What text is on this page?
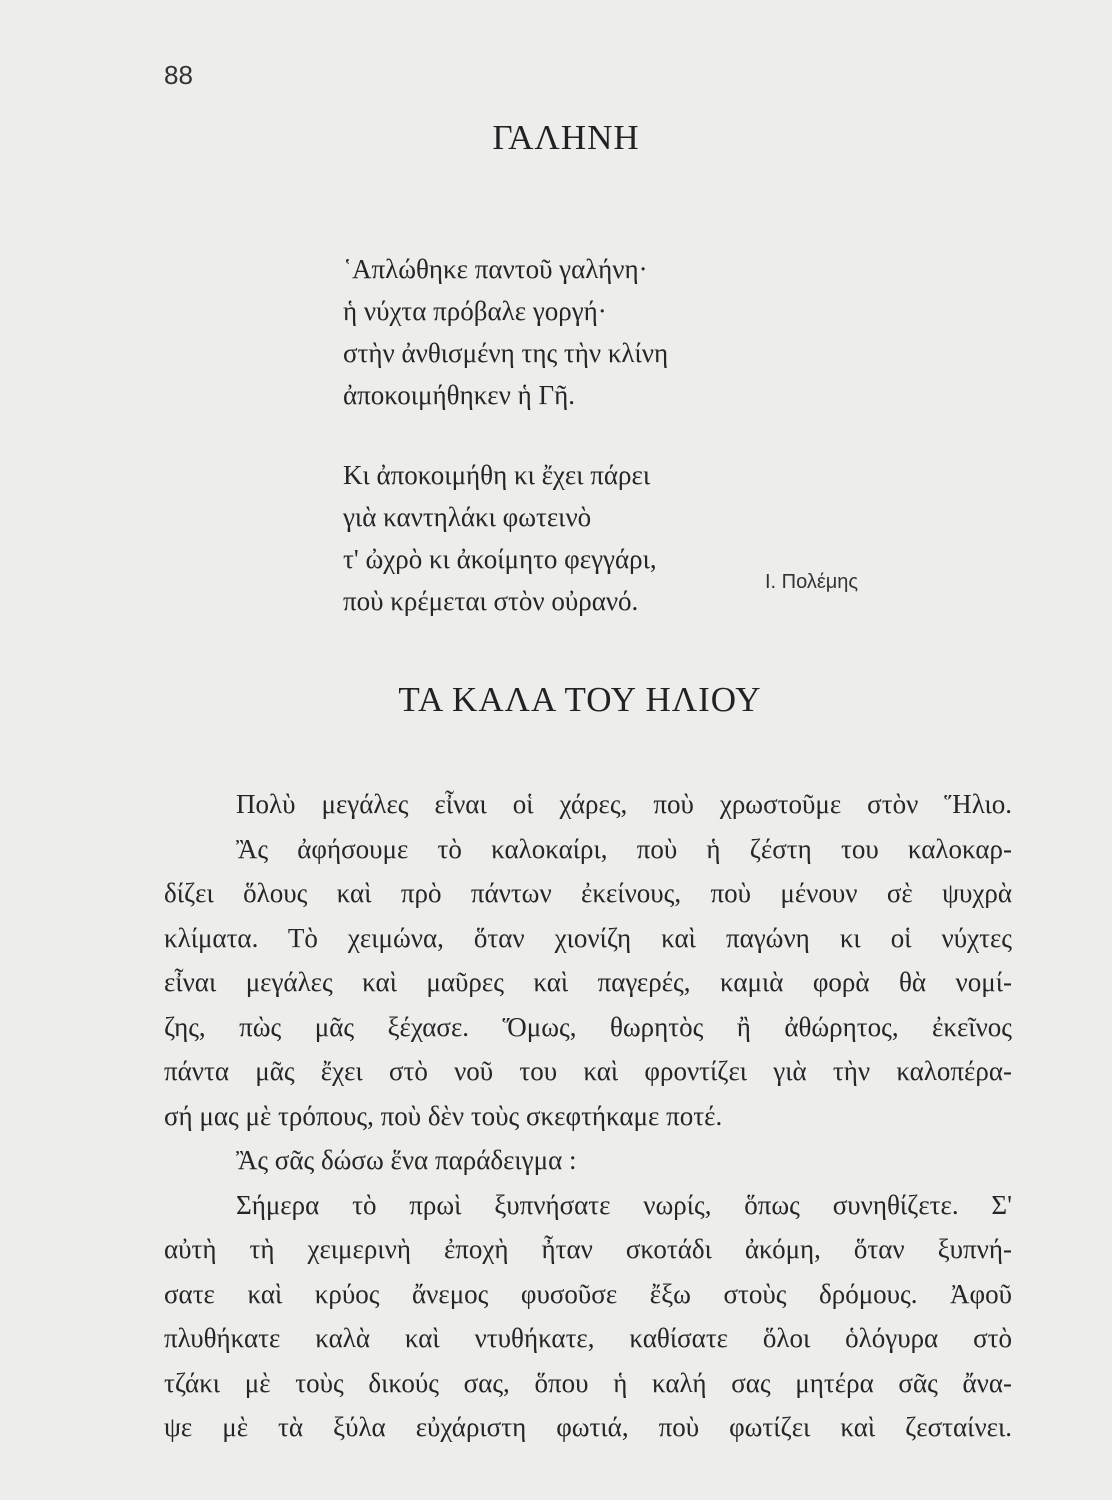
88
ΓΑΛΗΝΗ
῾Απλώθηκε παντοῦ γαλήνη·
ἡ νύχτα πρόβαλε γοργή·
στὴν ἀνθισμένη της τὴν κλίνη
ἀποκοιμήθηκεν ἡ Γῆ.
Κι ἀποκοιμήθη κι ἔχει πάρει
γιὰ καντηλάκι φωτεινὸ
τ' ὠχρὸ κι ἀκοίμητο φεγγάρι,
ποὺ κρέμεται στὸν οὐρανό.
Ι. Πολέμης
ΤΑ ΚΑΛΑ ΤΟΥ ΗΛΙΟΥ
Πολὺ μεγάλες εἶναι οἱ χάρες, ποὺ χρωστοῦμε στὸν Ἥλιο.
Ἂς ἀφήσουμε τὸ καλοκαίρι, ποὺ ἡ ζέστη του καλοκαρ-
δίζει ὅλους καὶ πρὸ πάντων ἐκείνους, ποὺ μένουν σὲ ψυχρὰ
κλίματα. Τὸ χειμώνα, ὅταν χιονίζη καὶ παγώνη κι οἱ νύχτες
εἶναι μεγάλες καὶ μαῦρες καὶ παγερές, καμιὰ φορὰ θὰ νομί-
ζης, πὼς μᾶς ξέχασε. Ὅμως, θωρητὸς ἢ ἀθώρητος, ἐκεῖνος
πάντα μᾶς ἔχει στὸ νοῦ του καὶ φροντίζει γιὰ τὴν καλοπέρα-
σή μας μὲ τρόπους, ποὺ δὲν τοὺς σκεφτήκαμε ποτέ.
Ἂς σᾶς δώσω ἕνα παράδειγμα :
Σήμερα τὸ πρωὶ ξυπνήσατε νωρίς, ὅπως συνηθίζετε. Σ'
αὐτὴ τὴ χειμερινὴ ἐποχὴ ἦταν σκοτάδι ἀκόμη, ὅταν ξυπνή-
σατε καὶ κρύος ἄνεμος φυσοῦσε ἔξω στοὺς δρόμους. Ἀφοῦ
πλυθήκατε καλὰ καὶ ντυθήκατε, καθίσατε ὅλοι ὁλόγυρα στὸ
τζάκι μὲ τοὺς δικούς σας, ὅπου ἡ καλή σας μητέρα σᾶς ἄνα-
ψε μὲ τὰ ξύλα εὐχάριστη φωτιά, ποὺ φωτίζει καὶ ζεσταίνει.
